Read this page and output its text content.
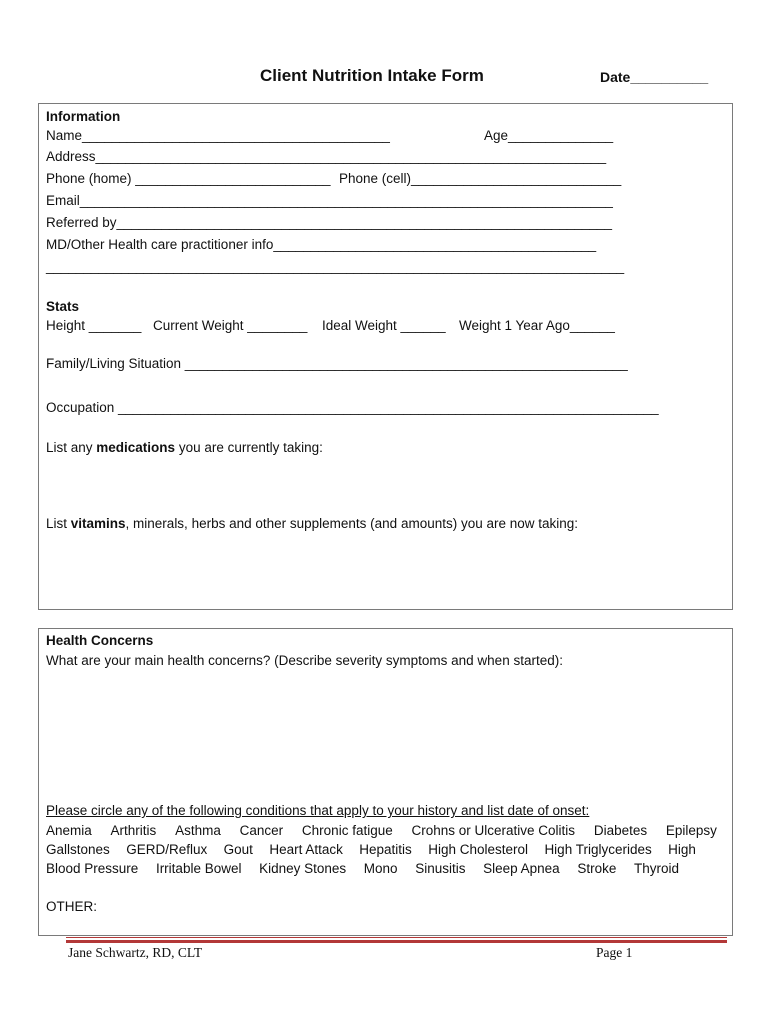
Client Nutrition Intake Form	Date__________
Information
Name_________________________________________	Age______________
Address____________________________________________________________________
Phone (home) __________________________ Phone (cell)____________________________
Email_______________________________________________________________________
Referred by__________________________________________________________________
MD/Other Health care practitioner info___________________________________________
_____________________________________________________________________________
Stats
Height _______ Current Weight ________ Ideal Weight ______ Weight 1 Year Ago______
Family/Living Situation ___________________________________________________________
Occupation ________________________________________________________________________
List any medications you are currently taking:
List vitamins, minerals, herbs and other supplements (and amounts) you are now taking:
Health Concerns
What are your main health concerns? (Describe severity symptoms and when started):
Please circle any of the following conditions that apply to your history and list date of onset:
Anemia Arthritis Asthma Cancer Chronic fatigue Crohns or Ulcerative Colitis Diabetes Epilepsy
Gallstones GERD/Reflux Gout Heart Attack Hepatitis High Cholesterol High Triglycerides High
Blood Pressure Irritable Bowel Kidney Stones Mono Sinusitis Sleep Apnea Stroke Thyroid
OTHER:
Jane Schwartz, RD, CLT	Page 1
